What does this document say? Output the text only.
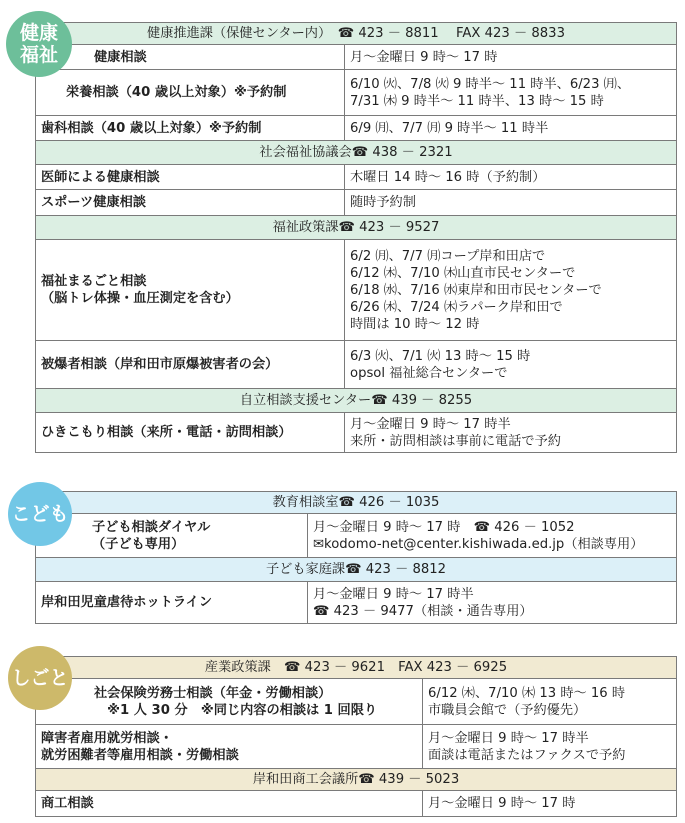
健康
福祉
健康推進課（保健センター内）　☎ 423 － 8811　 FAX 423 － 8833	
健康相談	月～金曜日 9 時～ 17 時
栄養相談（40 歳以上対象）※予約制	6/10 ㈫、7/8 ㈫ 9 時半～ 11 時半、6/23 ㈪、
7/31 ㈭ 9 時半～ 11 時半、13 時～ 15 時
歯科相談（40 歳以上対象）※予約制	6/9 ㈪、7/7 ㈪ 9 時半～ 11 時半
社会福祉協議会☎ 438 － 2321	
医師による健康相談	木曜日 14 時～ 16 時（予約制）
スポーツ健康相談	随時予約制
福祉政策課☎ 423 － 9527	
福祉まるごと相談
（脳トレ体操・血圧測定を含む）	6/2 ㈪、7/7 ㈪コープ岸和田店で
6/12 ㈭、7/10 ㈭山直市民センターで
6/18 ㈬、7/16 ㈬東岸和田市民センターで
6/26 ㈭、7/24 ㈭ラパーク岸和田で
時間は 10 時～ 12 時
被爆者相談（岸和田市原爆被害者の会）	6/3 ㈫、7/1 ㈫ 13 時～ 15 時
opsol 福祉総合センターで
自立相談支援センター☎ 439 － 8255	
ひきこもり相談（来所・電話・訪問相談）	月～金曜日 9 時～ 17 時半
来所・訪問相談は事前に電話で予約
こども
教育相談室☎ 426 － 1035	
子ども相談ダイヤル
（子ども専用）	月～金曜日 9 時～ 17 時　☎ 426 － 1052
✉kodomo-net@center.kishiwada.ed.jp（相談専用）
子ども家庭課☎ 423 － 8812	
岸和田児童虐待ホットライン	月～金曜日 9 時～ 17 時半
☎ 423 － 9477（相談・通告専用）
しごと	産業政策課　☎ 423 － 9621　FAX 423 － 6925	
社会保険労務士相談（年金・労働相談）
　※1 人 30 分　※同じ内容の相談は 1 回限り	6/12 ㈭、7/10 ㈭ 13 時～ 16 時
市職員会館で（予約優先）
障害者雇用就労相談・
就労困難者等雇用相談・労働相談	月～金曜日 9 時～ 17 時半
面談は電話またはファクスで予約
岸和田商工会議所☎ 439 － 5023	
商工相談	月～金曜日 9 時～ 17 時
